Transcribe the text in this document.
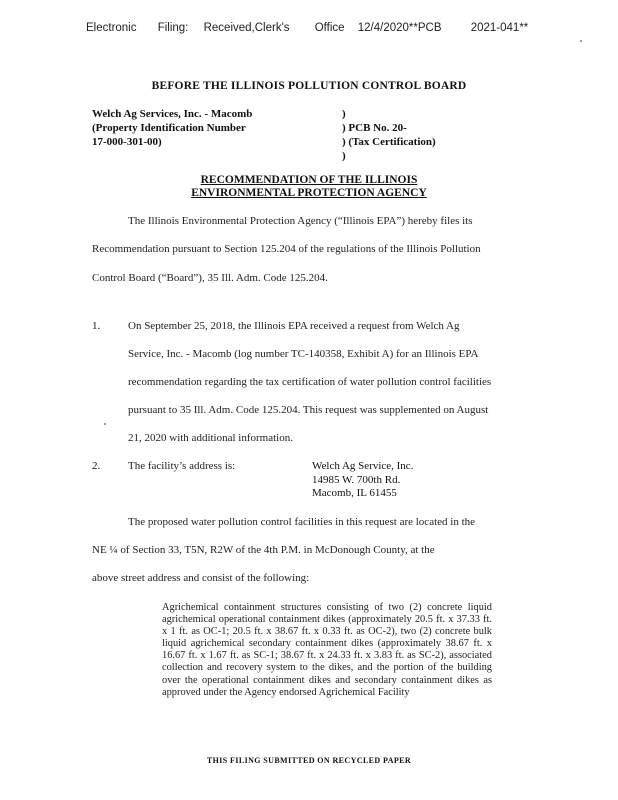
Electronic Filing: Received,Clerk's Office 12/4/2020**PCB	2021-041**
BEFORE THE ILLINOIS POLLUTION CONTROL BOARD
Welch Ag Services, Inc. - Macomb
(Property Identification Number
17-000-301-00)
)
) PCB No. 20-
) (Tax Certification)
)
RECOMMENDATION OF THE ILLINOIS
ENVIRONMENTAL PROTECTION AGENCY
The Illinois Environmental Protection Agency (“Illinois EPA”) hereby files its
Recommendation pursuant to Section 125.204 of the regulations of the Illinois Pollution
Control Board (“Board”), 35 Ill. Adm. Code 125.204.
1.	On September 25, 2018, the Illinois EPA received a request from Welch Ag
Service, Inc. - Macomb (log number TC-140358, Exhibit A) for an Illinois EPA
recommendation regarding the tax certification of water pollution control facilities
pursuant to 35 Ill. Adm. Code 125.204. This request was supplemented on August
21, 2020 with additional information.
2.	The facility’s address is:	Welch Ag Service, Inc.
14985 W. 700th Rd.
Macomb, IL 61455
The proposed water pollution control facilities in this request are located in the
NE ¼ of Section 33, T5N, R2W of the 4th P.M. in McDonough County, at the
above street address and consist of the following:
Agrichemical containment structures consisting of two (2) concrete liquid agrichemical operational containment dikes (approximately 20.5 ft. x 37.33 ft. x 1 ft. as OC-1; 20.5 ft. x 38.67 ft. x 0.33 ft. as OC-2), two (2) concrete bulk liquid agrichemical secondary containment dikes (approximately 38.67 ft. x 16.67 ft. x 1.67 ft. as SC-1; 38.67 ft. x 24.33 ft. x 3.83 ft. as SC-2), associated collection and recovery system to the dikes, and the portion of the building over the operational containment dikes and secondary containment dikes as approved under the Agency endorsed Agrichemical Facility
THIS FILING SUBMITTED ON RECYCLED PAPER
